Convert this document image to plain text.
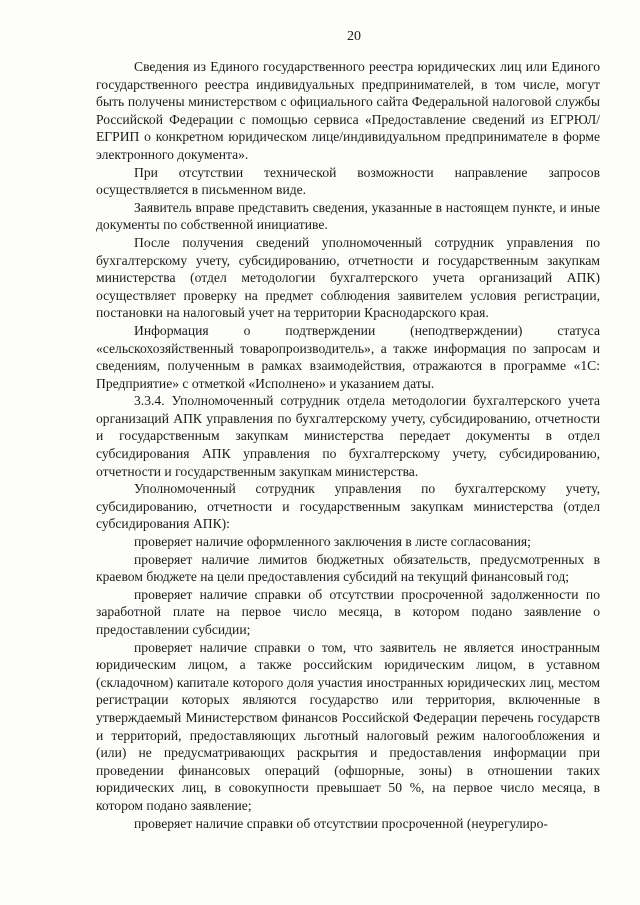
20

Сведения из Единого государственного реестра юридических лиц или Единого государственного реестра индивидуальных предпринимателей, в том числе, могут быть получены министерством с официального сайта Федеральной налоговой службы Российской Федерации с помощью сервиса «Предоставление сведений из ЕГРЮЛ/ЕГРИП о конкретном юридическом лице/индивидуальном предпринимателе в форме электронного документа».

При отсутствии технической возможности направление запросов осуществляется в письменном виде.

Заявитель вправе представить сведения, указанные в настоящем пункте, и иные документы по собственной инициативе.

После получения сведений уполномоченный сотрудник управления по бухгалтерскому учету, субсидированию, отчетности и государственным закупкам министерства (отдел методологии бухгалтерского учета организаций АПК) осуществляет проверку на предмет соблюдения заявителем условия регистрации, постановки на налоговый учет на территории Краснодарского края.

Информация о подтверждении (неподтверждении) статуса «сельскохозяйственный товаропроизводитель», а также информация по запросам и сведениям, полученным в рамках взаимодействия, отражаются в программе «1С: Предприятие» с отметкой «Исполнено» и указанием даты.

3.3.4. Уполномоченный сотрудник отдела методологии бухгалтерского учета организаций АПК управления по бухгалтерскому учету, субсидированию, отчетности и государственным закупкам министерства передает документы в отдел субсидирования АПК управления по бухгалтерскому учету, субсидированию, отчетности и государственным закупкам министерства.

Уполномоченный сотрудник управления по бухгалтерскому учету, субсидированию, отчетности и государственным закупкам министерства (отдел субсидирования АПК):

проверяет наличие оформленного заключения в листе согласования;

проверяет наличие лимитов бюджетных обязательств, предусмотренных в краевом бюджете на цели предоставления субсидий на текущий финансовый год;

проверяет наличие справки об отсутствии просроченной задолженности по заработной плате на первое число месяца, в котором подано заявление о предоставлении субсидии;

проверяет наличие справки о том, что заявитель не является иностранным юридическим лицом, а также российским юридическим лицом, в уставном (складочном) капитале которого доля участия иностранных юридических лиц, местом регистрации которых являются государство или территория, включенные в утверждаемый Министерством финансов Российской Федерации перечень государств и территорий, предоставляющих льготный налоговый режим налогообложения и (или) не предусматривающих раскрытия и предоставления информации при проведении финансовых операций (офшорные, зоны) в отношении таких юридических лиц, в совокупности превышает 50 %, на первое число месяца, в котором подано заявление;

проверяет наличие справки об отсутствии просроченной (неурегулиро-
